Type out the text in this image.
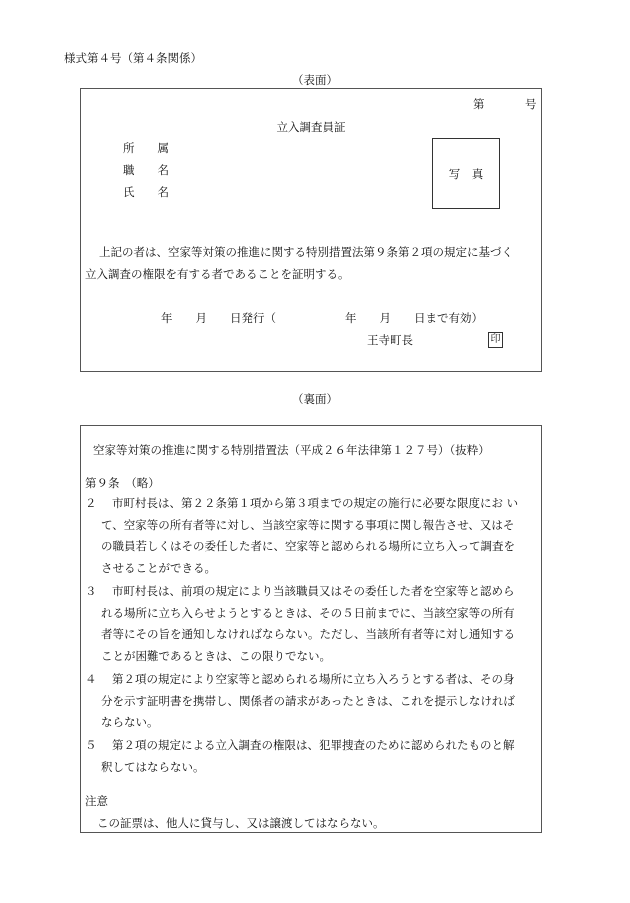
様式第４号（第４条関係）
（表面）
第	号
立入調査員証
所　　属
職　　名
氏　　名
写　真
上記の者は、空家等対策の推進に関する特別措置法第９条第２項の規定に基づく
立入調査の権限を有する者であることを証明する。
年　　月　　日発行（　　　　　　年　　月　　日まで有効）
王寺町長	印
（裏面）
空家等対策の推進に関する特別措置法（平成２６年法律第１２７号）（抜粋）
第９条　（略）
２	市町村長は、第２２条第１項から第３項までの規定の施行に必要な限度にお い
て、空家等の所有者等に対し、当該空家等に関する事項に関し報告させ、又はそ
の職員若しくはその委任した者に、空家等と認められる場所に立ち入って調査を
させることができる。
３	市町村長は、前項の規定により当該職員又はその委任した者を空家等と認めら
れる場所に立ち入らせようとするときは、その５日前までに、当該空家等の所有
者等にその旨を通知しなければならない。ただし、当該所有者等に対し通知する
ことが困難であるときは、この限りでない。
４	第２項の規定により空家等と認められる場所に立ち入ろうとする者は、その身
分を示す証明書を携帯し、関係者の請求があったときは、これを提示しなければ
ならない。
５	第２項の規定による立入調査の権限は、犯罪捜査のために認められたものと解
釈してはならない。
注意
この証票は、他人に貸与し、又は譲渡してはならない。
